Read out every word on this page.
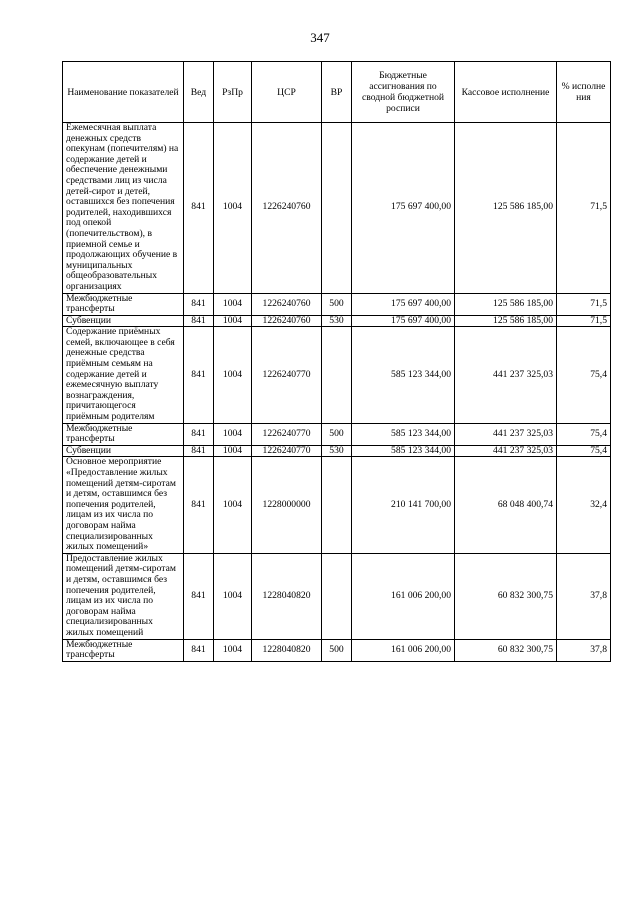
347
Наименование показателей	Вед	РзПр	ЦСР	ВР	Бюджетные ассигнования по сводной бюджетной росписи	Кассовое исполнение	% исполне ния
Ежемесячная выплата денежных средств опекунам (попечителям) на содержание детей и обеспечение денежными средствами лиц из числа детей-сирот и детей, оставшихся без попечения родителей, находившихся под опекой (попечительством), в приемной семье и продолжающих обучение в муниципальных общеобразовательных организациях	841	1004	1226240760		175 697 400,00	125 586 185,00	71,5
Межбюджетные трансферты	841	1004	1226240760	500	175 697 400,00	125 586 185,00	71,5
Субвенции	841	1004	1226240760	530	175 697 400,00	125 586 185,00	71,5
Содержание приёмных семей, включающее в себя денежные средства приёмным семьям на содержание детей и ежемесячную выплату вознаграждения, причитающегося приёмным родителям	841	1004	1226240770		585 123 344,00	441 237 325,03	75,4
Межбюджетные трансферты	841	1004	1226240770	500	585 123 344,00	441 237 325,03	75,4
Субвенции	841	1004	1226240770	530	585 123 344,00	441 237 325,03	75,4
Основное мероприятие «Предоставление жилых помещений детям-сиротам и детям, оставшимся без попечения родителей, лицам из их числа по договорам найма специализированных жилых помещений»	841	1004	1228000000		210 141 700,00	68 048 400,74	32,4
Предоставление жилых помещений детям-сиротам и детям, оставшимся без попечения родителей, лицам из их числа по договорам найма специализированных жилых помещений	841	1004	1228040820		161 006 200,00	60 832 300,75	37,8
Межбюджетные трансферты	841	1004	1228040820	500	161 006 200,00	60 832 300,75	37,8
